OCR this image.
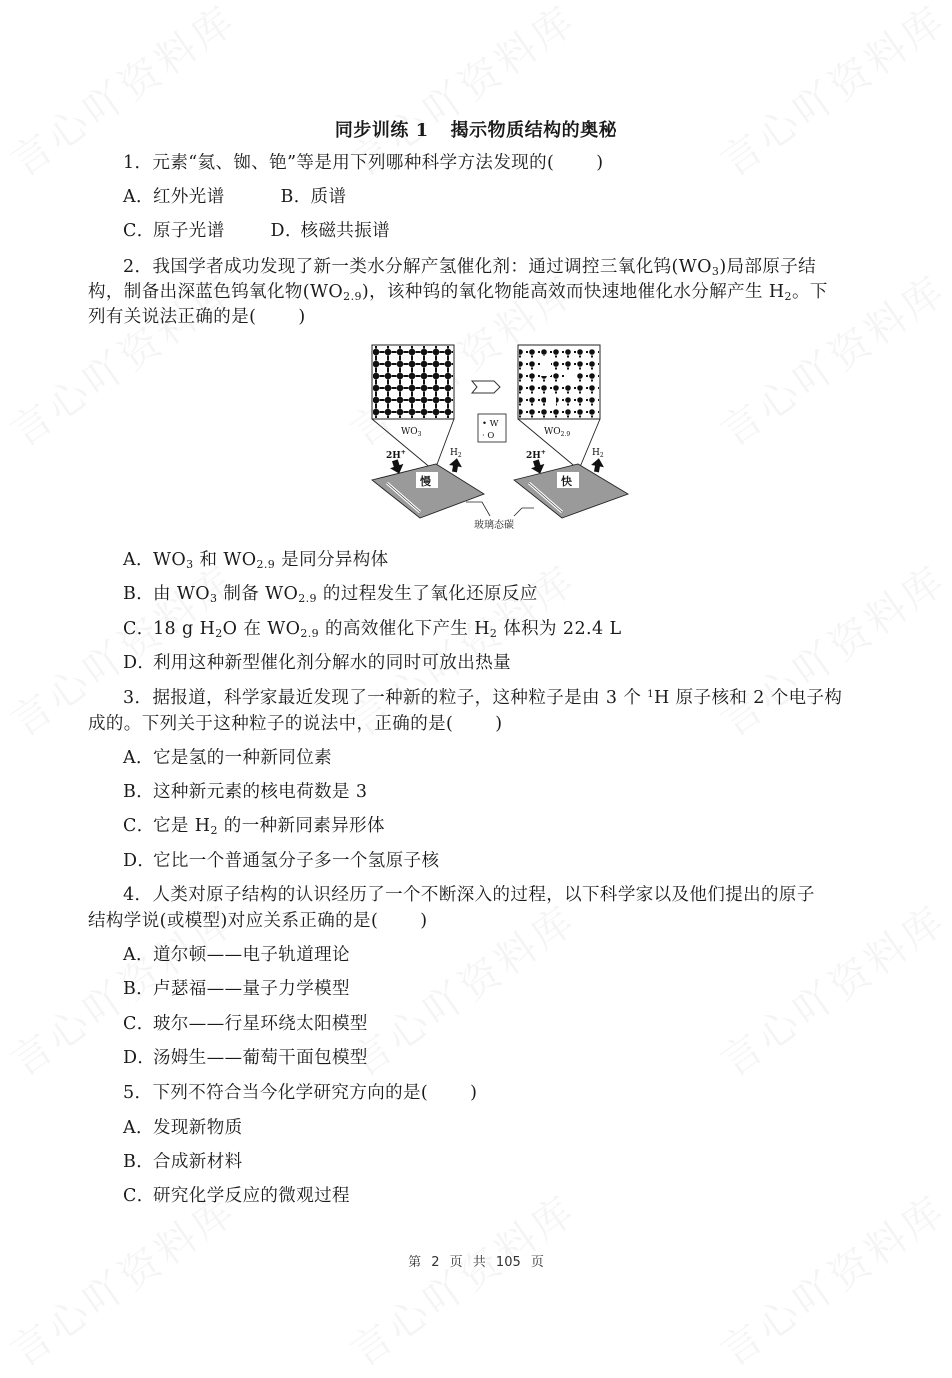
同步训练 1 揭示物质结构的奥秘
1．元素“氦、铷、铯”等是用下列哪种科学方法发现的( )
A．红外光谱	B．质谱
C．原子光谱	D．核磁共振谱
2．我国学者成功发现了新一类水分解产氢催化剂：通过调控三氧化钨$(WO_3)$局部原子结
构，制备出深蓝色钨氧化物$(WO_{2.9})$，该种钨的氧化物能高效而快速地催化水分解产生 $H_2$。下
列有关说法正确的是( )
$WO_3$	$WO_{2.9}$
• W
· O
2H+	$H_2$	2H+	$H_2$
慢	快
玻璃态碳
A．$WO_3$ 和 $WO_{2.9}$ 是同分异构体
B．由 $WO_3$ 制备 $WO_{2.9}$ 的过程发生了氧化还原反应
C．18 g $H_2O$ 在 $WO_{2.9}$ 的高效催化下产生 $H_2$ 体积为 22.4 L
D．利用这种新型催化剂分解水的同时可放出热量
3．据报道，科学家最近发现了一种新的粒子，这种粒子是由 3 个 $^1$H 原子核和 2 个电子构
成的。下列关于这种粒子的说法中，正确的是( )
A．它是氢的一种新同位素
B．这种新元素的核电荷数是 3
C．它是 $H_2$ 的一种新同素异形体
D．它比一个普通氢分子多一个氢原子核
4．人类对原子结构的认识经历了一个不断深入的过程，以下科学家以及他们提出的原子
结构学说(或模型)对应关系正确的是( )
A．道尔顿——电子轨道理论
B．卢瑟福——量子力学模型
C．玻尔——行星环绕太阳模型
D．汤姆生——葡萄干面包模型
5．下列不符合当今化学研究方向的是( )
A．发现新物质
B．合成新材料
C．研究化学反应的微观过程
第 2 页 共 105 页
